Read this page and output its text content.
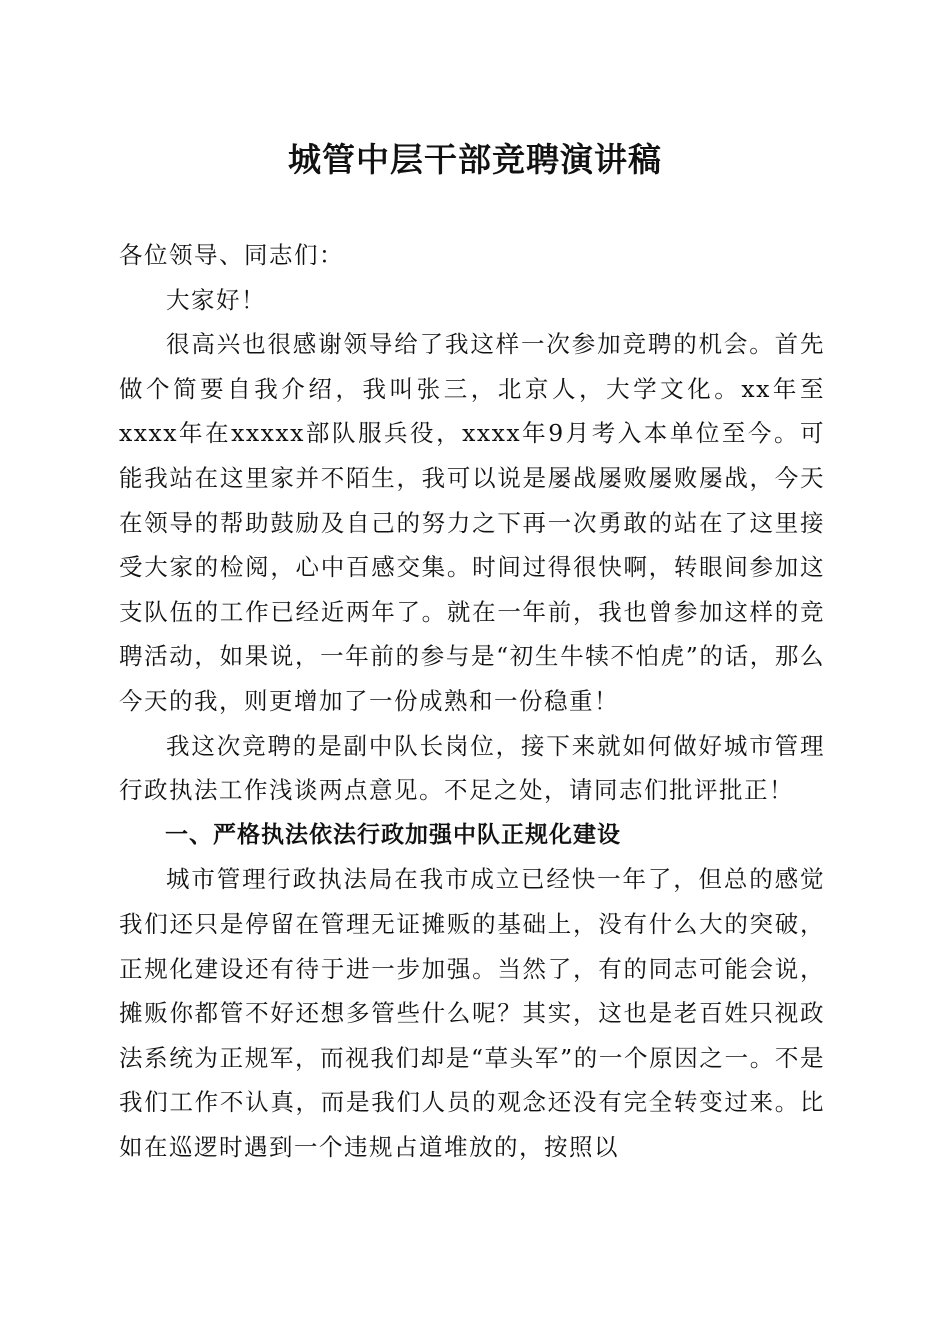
城管中层干部竞聘演讲稿

各位领导、同志们：

大家好！

很高兴也很感谢领导给了我这样一次参加竞聘的机会。首先做个简要自我介绍，我叫张三，北京人，大学文化。xx年至xxxx年在xxxxx部队服兵役，xxxx年9月考入本单位至今。可能我站在这里家并不陌生，我可以说是屡战屡败屡败屡战，今天在领导的帮助鼓励及自己的努力之下再一次勇敢的站在了这里接受大家的检阅，心中百感交集。时间过得很快啊，转眼间参加这支队伍的工作已经近两年了。就在一年前，我也曾参加这样的竞聘活动，如果说，一年前的参与是“初生牛犊不怕虎”的话，那么今天的我，则更增加了一份成熟和一份稳重！

我这次竞聘的是副中队长岗位，接下来就如何做好城市管理行政执法工作浅谈两点意见。不足之处，请同志们批评批正！

一、严格执法依法行政加强中队正规化建设

城市管理行政执法局在我市成立已经快一年了，但总的感觉我们还只是停留在管理无证摊贩的基础上，没有什么大的突破，正规化建设还有待于进一步加强。当然了，有的同志可能会说，摊贩你都管不好还想多管些什么呢？其实，这也是老百姓只视政法系统为正规军，而视我们却是“草头军”的一个原因之一。不是我们工作不认真，而是我们人员的观念还没有完全转变过来。比如在巡逻时遇到一个违规占道堆放的，按照以
